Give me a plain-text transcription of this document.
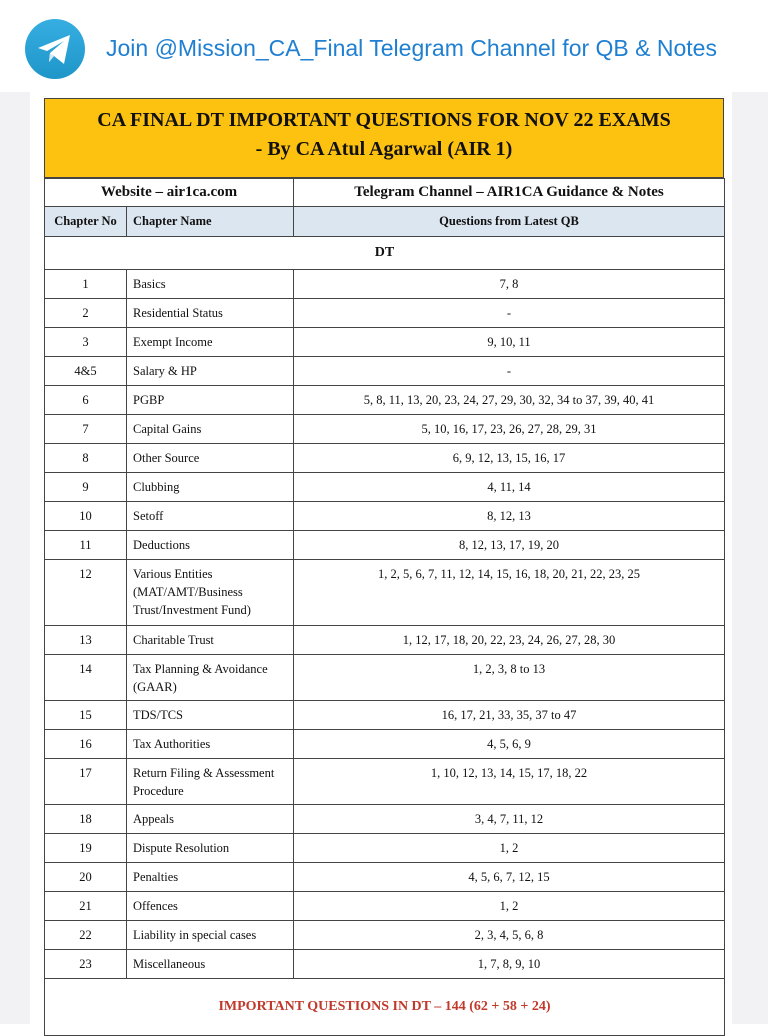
Join @Mission_CA_Final Telegram Channel for QB & Notes
CA FINAL DT IMPORTANT QUESTIONS FOR NOV 22 EXAMS
- By CA Atul Agarwal (AIR 1)
Website – air1ca.com		Telegram Channel – AIR1CA Guidance & Notes
Chapter No	Chapter Name	Questions from Latest QB
DT		
1	Basics	7, 8
2	Residential Status	-
3	Exempt Income	9, 10, 11
4&5	Salary & HP	-
6	PGBP	5, 8, 11, 13, 20, 23, 24, 27, 29, 30, 32, 34 to 37, 39, 40, 41
7	Capital Gains	5, 10, 16, 17, 23, 26, 27, 28, 29, 31
8	Other Source	6, 9, 12, 13, 15, 16, 17
9	Clubbing	4, 11, 14
10	Setoff	8, 12, 13
11	Deductions	8, 12, 13, 17, 19, 20
12	Various Entities (MAT/AMT/Business Trust/Investment Fund)	1, 2, 5, 6, 7, 11, 12, 14, 15, 16, 18, 20, 21, 22, 23, 25
13	Charitable Trust	1, 12, 17, 18, 20, 22, 23, 24, 26, 27, 28, 30
14	Tax Planning & Avoidance (GAAR)	1, 2, 3, 8 to 13
15	TDS/TCS	16, 17, 21, 33, 35, 37 to 47
16	Tax Authorities	4, 5, 6, 9
17	Return Filing & Assessment Procedure	1, 10, 12, 13, 14, 15, 17, 18, 22
18	Appeals	3, 4, 7, 11, 12
19	Dispute Resolution	1, 2
20	Penalties	4, 5, 6, 7, 12, 15
21	Offences	1, 2
22	Liability in special cases	2, 3, 4, 5, 6, 8
23	Miscellaneous	1, 7, 8, 9, 10
IMPORTANT QUESTIONS IN DT – 144 (62 + 58 + 24)		
